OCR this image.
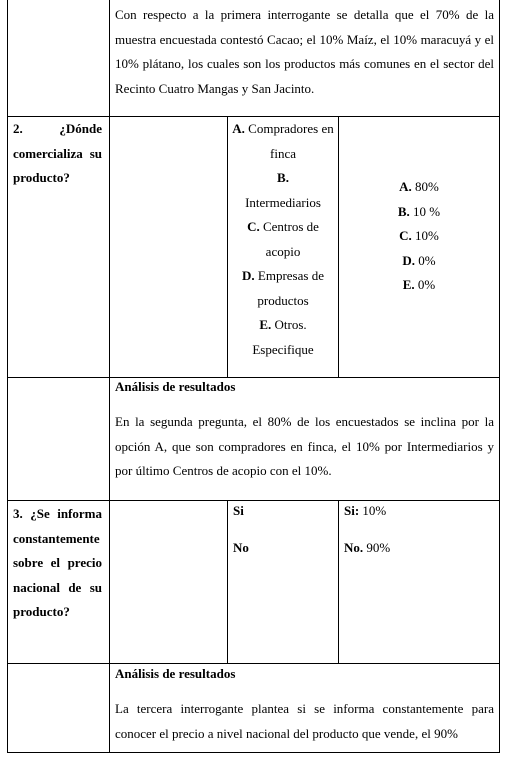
Con respecto a la primera interrogante se detalla que el 70% de la muestra encuestada contestó Cacao; el 10% Maíz, el 10% maracuyá y el 10% plátano, los cuales son los productos más comunes en el sector del Recinto Cuatro Mangas y San Jacinto.
2. ¿Dónde comercializa su producto?
A. Compradores en finca
B.
Intermediarios
C. Centros de acopio
D. Empresas de productos
E. Otros. Especifique
A. 80%
B. 10 %
C. 10%
D. 0%
E. 0%
Análisis de resultados
En la segunda pregunta, el 80% de los encuestados se inclina por la opción A, que son compradores en finca, el 10% por Intermediarios y por último Centros de acopio con el 10%.
3. ¿Se informa constantemente sobre el precio nacional de su producto?
Si
No
Si: 10%
No. 90%
Análisis de resultados
La tercera interrogante plantea si se informa constantemente para conocer el precio a nivel nacional del producto que vende, el 90%
